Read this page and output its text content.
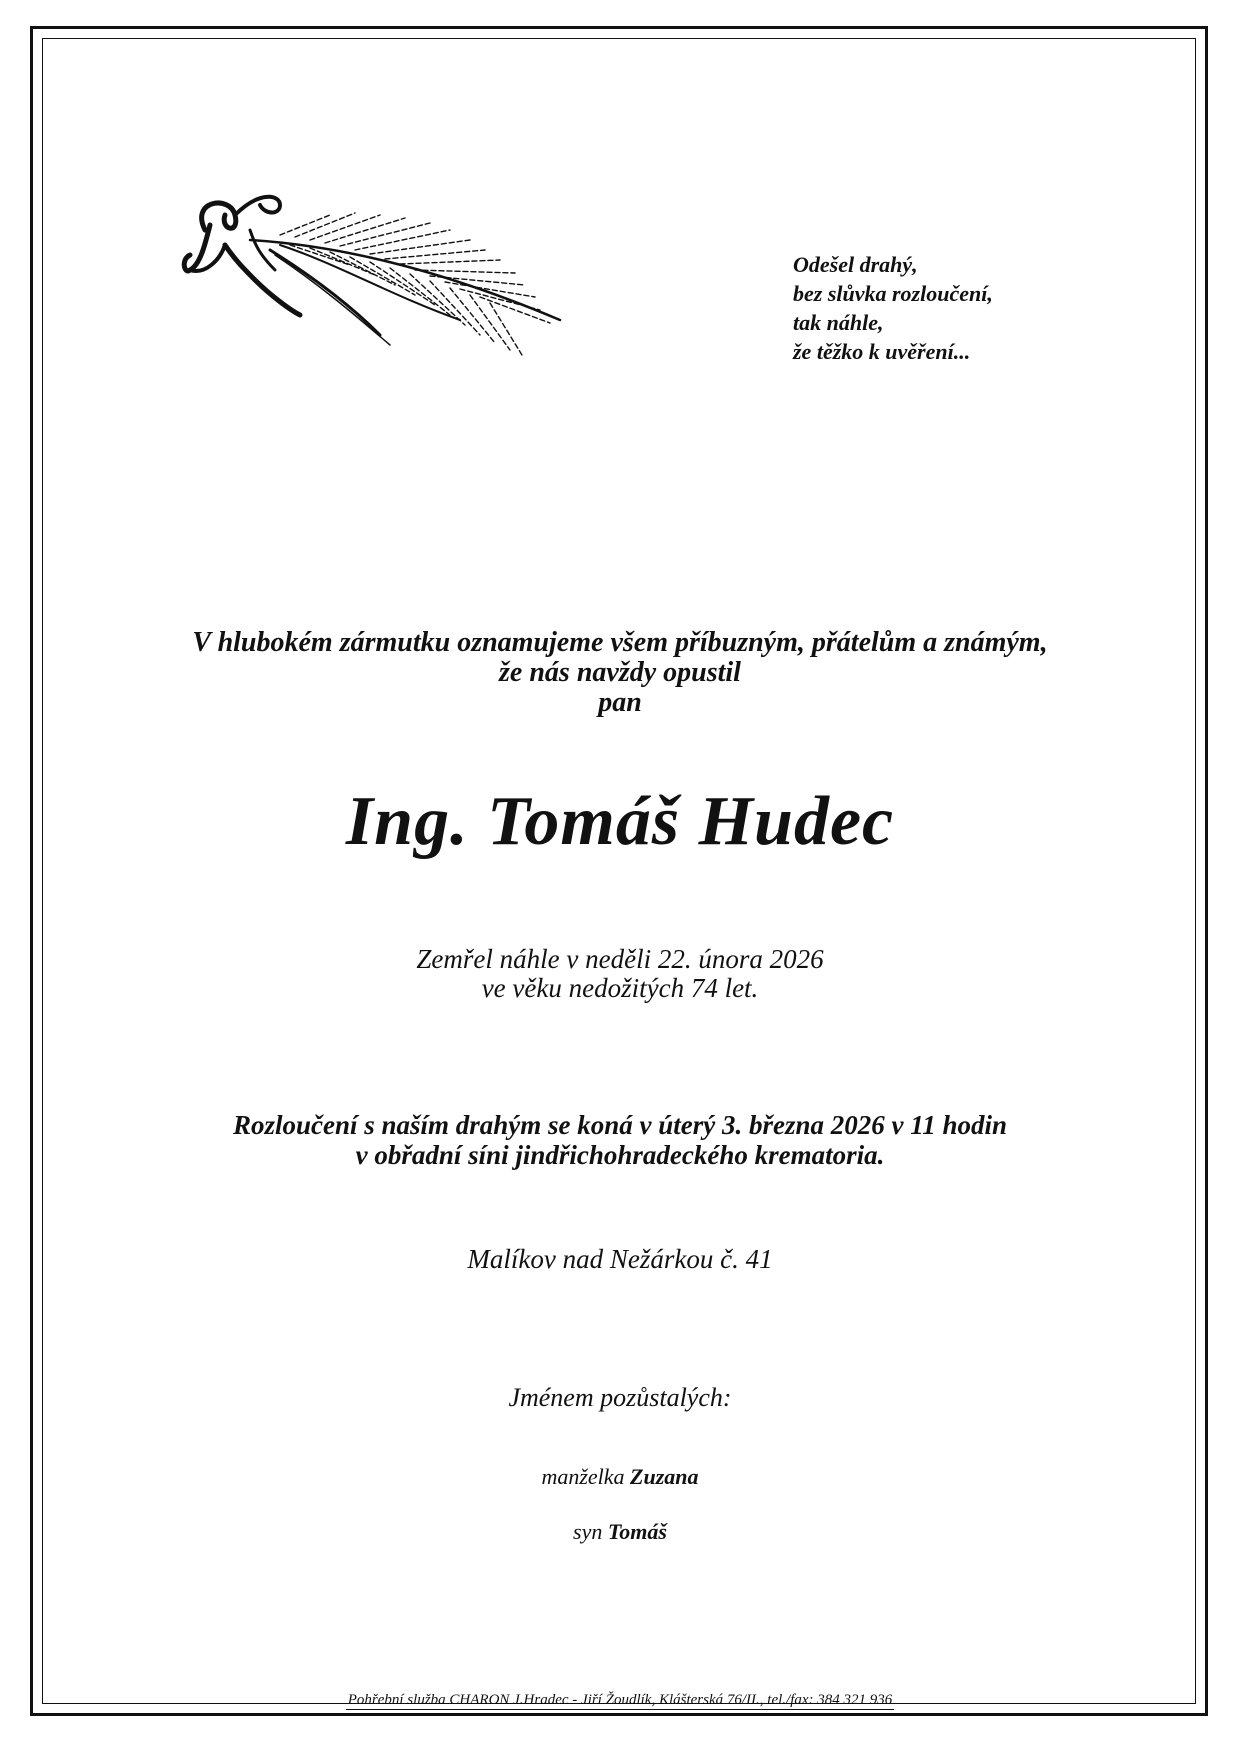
Odešel drahý,
bez slůvka rozloučení,
tak náhle,
že těžko k uvěření...
V hlubokém zármutku oznamujeme všem příbuzným, přátelům a známým,
že nás navždy opustil
pan
Ing. Tomáš Hudec
Zemřel náhle v neděli 22. února 2026
ve věku nedožitých 74 let.
Rozloučení s naším drahým se koná v úterý 3. března 2026 v 11 hodin
v obřadní síni jindřichohradeckého krematoria.
Malíkov nad Nežárkou č. 41
Jménem pozůstalých:
manželka Zuzana
syn Tomáš
Pohřební služba CHARON J.Hradec - Jiří Žoudlík, Klášterská 76/II., tel./fax: 384 321 936
